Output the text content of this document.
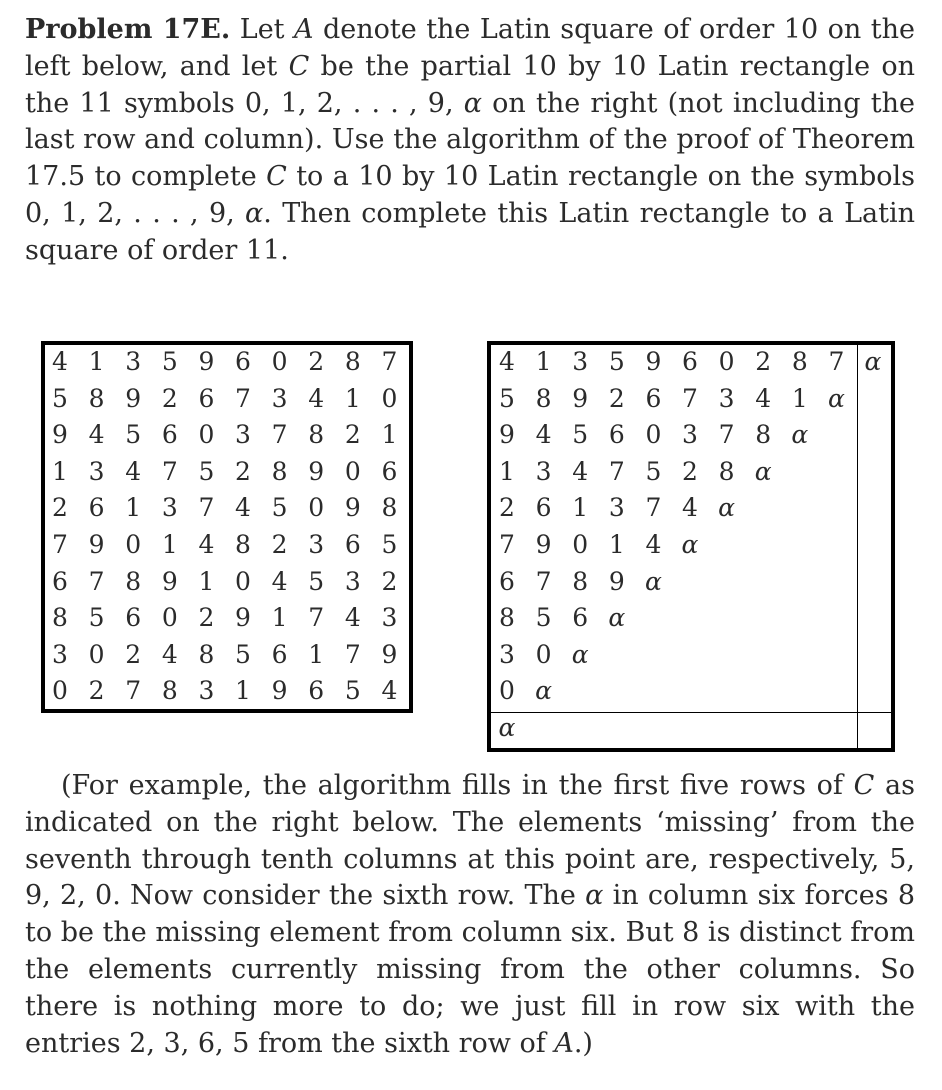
Problem 17E. Let A denote the Latin square of order 10 on the left below, and let C be the partial 10 by 10 Latin rectangle on the 11 symbols 0, 1, 2, . . . , 9, α on the right (not including the last row and column). Use the algorithm of the proof of Theorem 17.5 to complete C to a 10 by 10 Latin rectangle on the symbols 0, 1, 2, . . . , 9, α. Then complete this Latin rectangle to a Latin square of order 11.
4 1 3 5 9 6 0 2 8 7
5 8 9 2 6 7 3 4 1 0
9 4 5 6 0 3 7 8 2 1
1 3 4 7 5 2 8 9 0 6
2 6 1 3 7 4 5 0 9 8
7 9 0 1 4 8 2 3 6 5
6 7 8 9 1 0 4 5 3 2
8 5 6 0 2 9 1 7 4 3
3 0 2 4 8 5 6 1 7 9
0 2 7 8 3 1 9 6 5 4
4 1 3 5 9 6 0 2 8 7 α
5 8 9 2 6 7 3 4 1 α
9 4 5 6 0 3 7 8 α
1 3 4 7 5 2 8 α
2 6 1 3 7 4 α
7 9 0 1 4 α
6 7 8 9 α
8 5 6 α
3 0 α
0 α
α
(For example, the algorithm fills in the first five rows of C as indicated on the right below. The elements ‘missing’ from the seventh through tenth columns at this point are, respectively, 5, 9, 2, 0. Now consider the sixth row. The α in column six forces 8 to be the missing element from column six. But 8 is distinct from the elements currently missing from the other columns. So there is nothing more to do; we just fill in row six with the entries 2, 3, 6, 5 from the sixth row of A.)
